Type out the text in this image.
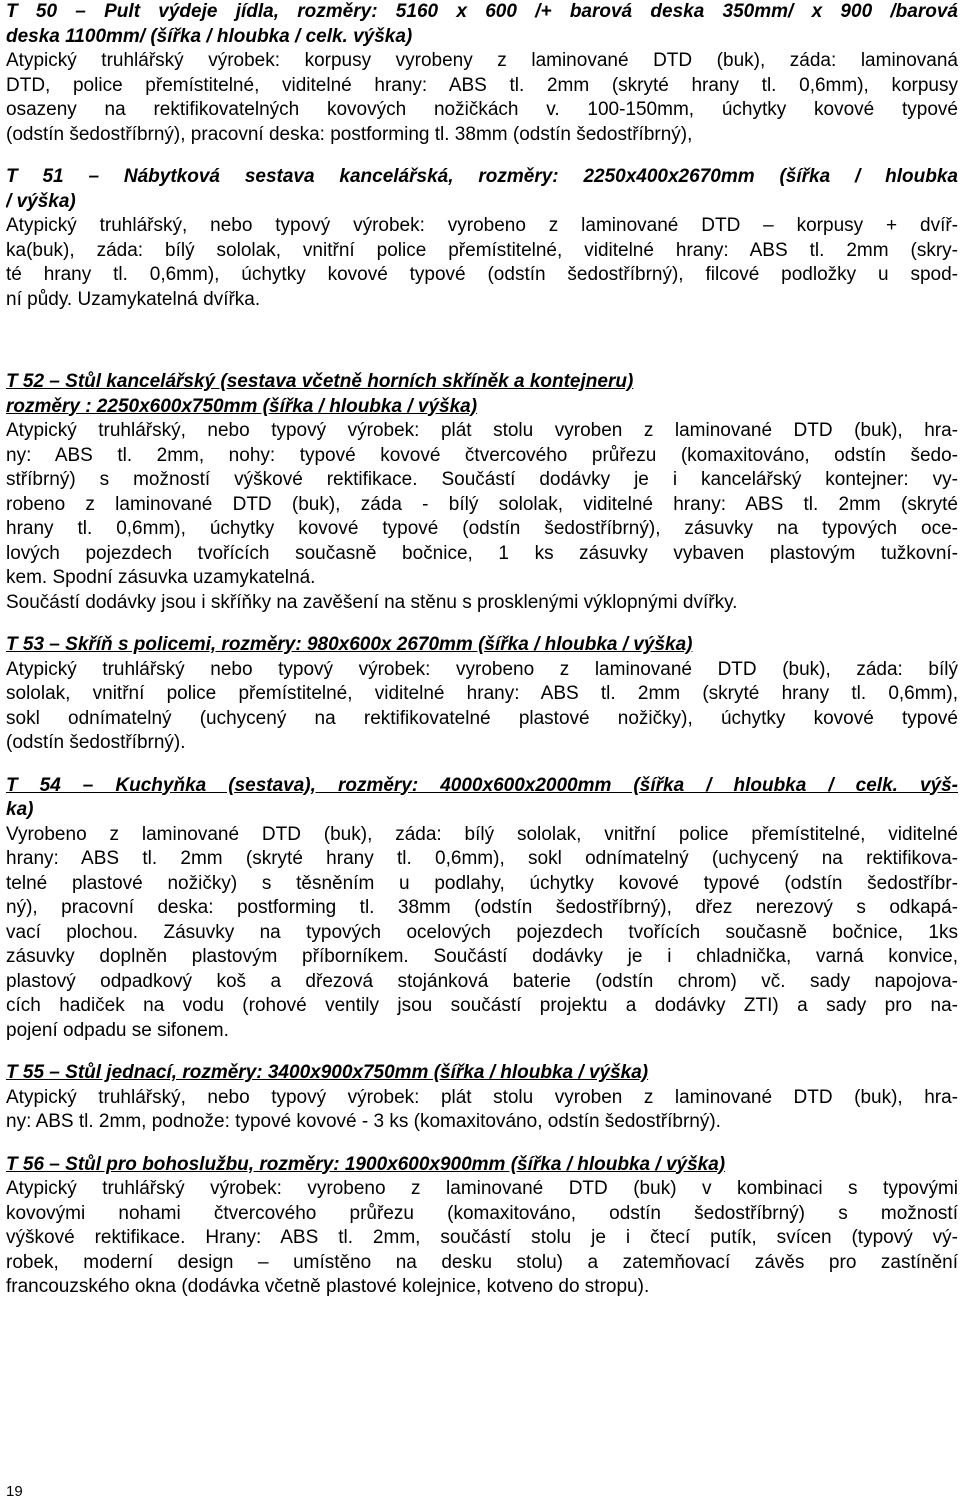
T 50 – Pult výdeje jídla, rozměry: 5160 x 600 /+ barová deska 350mm/ x 900 /barová
deska 1100mm/ (šířka / hloubka / celk. výška)

Atypický truhlářský výrobek: korpusy vyrobeny z laminované DTD (buk), záda: laminovaná
DTD, police přemístitelné, viditelné hrany: ABS tl. 2mm (skryté hrany tl. 0,6mm), korpusy
osazeny na rektifikovatelných kovových nožičkách v. 100-150mm, úchytky kovové typové
(odstín šedostříbrný), pracovní deska: postforming tl. 38mm (odstín šedostříbrný),

T 51 – Nábytková sestava kancelářská, rozměry: 2250x400x2670mm (šířka / hloubka
/ výška)

Atypický truhlářský, nebo typový výrobek: vyrobeno z laminované DTD – korpusy + dvíř-
ka(buk), záda: bílý sololak, vnitřní police přemístitelné, viditelné hrany: ABS tl. 2mm (skry-
té hrany tl. 0,6mm), úchytky kovové typové (odstín šedostříbrný), filcové podložky u spod-
ní půdy. Uzamykatelná dvířka.

T 52 – Stůl kancelářský (sestava včetně horních skříněk a kontejneru)
rozměry : 2250x600x750mm (šířka / hloubka / výška)

Atypický truhlářský, nebo typový výrobek: plát stolu vyroben z laminované DTD (buk), hra-
ny: ABS tl. 2mm, nohy: typové kovové čtvercového průřezu (komaxitováno, odstín šedo-
stříbrný) s možností výškové rektifikace. Součástí dodávky je i kancelářský kontejner: vy-
robeno z laminované DTD (buk), záda - bílý sololak, viditelné hrany: ABS tl. 2mm (skryté
hrany tl. 0,6mm), úchytky kovové typové (odstín šedostříbrný), zásuvky na typových oce-
lových pojezdech tvořících současně bočnice, 1 ks zásuvky vybaven plastovým tužkovní-
kem. Spodní zásuvka uzamykatelná.
Součástí dodávky jsou i skříňky na zavěšení na stěnu s prosklenými výklopnými dvířky.

T 53 – Skříň s policemi, rozměry: 980x600x 2670mm (šířka / hloubka / výška)

Atypický truhlářský nebo typový výrobek: vyrobeno z laminované DTD (buk), záda: bílý
sololak, vnitřní police přemístitelné, viditelné hrany: ABS tl. 2mm (skryté hrany tl. 0,6mm),
sokl odnímatelný (uchycený na rektifikovatelné plastové nožičky), úchytky kovové typové
(odstín šedostříbrný).

T 54 – Kuchyňka (sestava), rozměry: 4000x600x2000mm (šířka / hloubka / celk. výš-
ka)

Vyrobeno z laminované DTD (buk), záda: bílý sololak, vnitřní police přemístitelné, viditelné
hrany: ABS tl. 2mm (skryté hrany tl. 0,6mm), sokl odnímatelný (uchycený na rektifikova-
telné plastové nožičky) s těsněním u podlahy, úchytky kovové typové (odstín šedostříbr-
ný), pracovní deska: postforming tl. 38mm (odstín šedostříbrný), dřez nerezový s odkapá-
vací plochou. Zásuvky na typových ocelových pojezdech tvořících současně bočnice, 1ks
zásuvky doplněn plastovým příborníkem. Součástí dodávky je i chladnička, varná konvice,
plastový odpadkový koš a dřezová stojánková baterie (odstín chrom) vč. sady napojova-
cích hadiček na vodu (rohové ventily jsou součástí projektu a dodávky ZTI) a sady pro na-
pojení odpadu se sifonem.

T 55 – Stůl jednací, rozměry: 3400x900x750mm (šířka / hloubka / výška)

Atypický truhlářský, nebo typový výrobek: plát stolu vyroben z laminované DTD (buk), hra-
ny: ABS tl. 2mm, podnože: typové kovové - 3 ks (komaxitováno, odstín šedostříbrný).

T 56 – Stůl pro bohoslužbu, rozměry: 1900x600x900mm (šířka / hloubka / výška)

Atypický truhlářský výrobek: vyrobeno z laminované DTD (buk) v kombinaci s typovými
kovovými nohami čtvercového průřezu (komaxitováno, odstín šedostříbrný) s možností
výškové rektifikace. Hrany: ABS tl. 2mm, součástí stolu je i čtecí putík, svícen (typový vý-
robek, moderní design – umístěno na desku stolu) a zatemňovací závěs pro zastínění
francouzského okna (dodávka včetně plastové kolejnice, kotveno do stropu).

19
